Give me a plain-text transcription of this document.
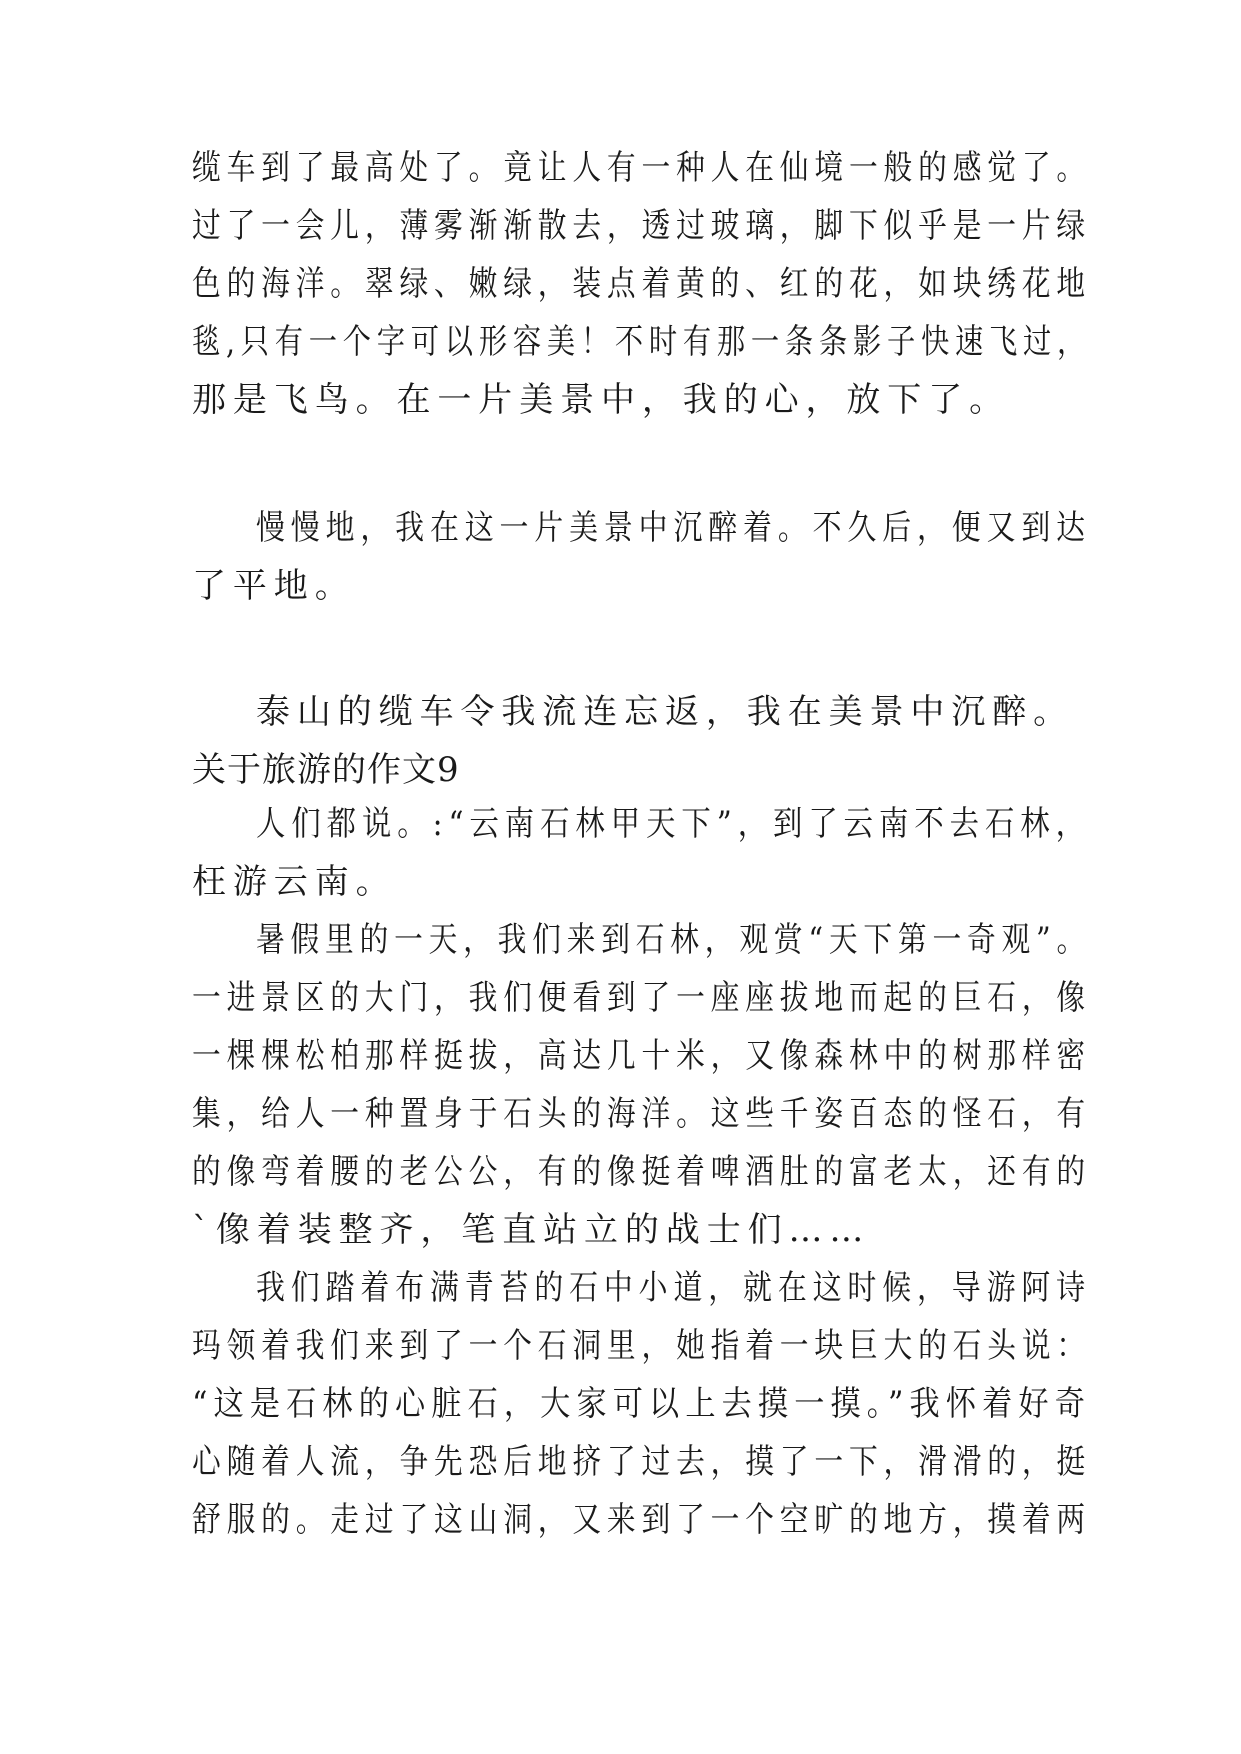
缆车到了最高处了。竟让人有一种人在仙境一般的感觉了。
过了一会儿，薄雾渐渐散去，透过玻璃，脚下似乎是一片绿
色的海洋。翠绿、嫩绿，装点着黄的、红的花，如块绣花地
毯,只有一个字可以形容美！不时有那一条条影子快速飞过，
那是飞鸟。在一片美景中，我的心，放下了。
慢慢地，我在这一片美景中沉醉着。不久后，便又到达
了平地。
泰山的缆车令我流连忘返，我在美景中沉醉。
关于旅游的作文9
人们都说。:“云南石林甲天下”，到了云南不去石林，
枉游云南。
暑假里的一天，我们来到石林，观赏“天下第一奇观”。
一进景区的大门，我们便看到了一座座拔地而起的巨石，像
一棵棵松柏那样挺拔，高达几十米，又像森林中的树那样密
集，给人一种置身于石头的海洋。这些千姿百态的怪石，有
的像弯着腰的老公公，有的像挺着啤酒肚的富老太，还有的
`像着装整齐，笔直站立的战士们……
我们踏着布满青苔的石中小道，就在这时候，导游阿诗
玛领着我们来到了一个石洞里，她指着一块巨大的石头说：
“这是石林的心脏石，大家可以上去摸一摸。”我怀着好奇
心随着人流，争先恐后地挤了过去，摸了一下，滑滑的，挺
舒服的。走过了这山洞，又来到了一个空旷的地方，摸着两
